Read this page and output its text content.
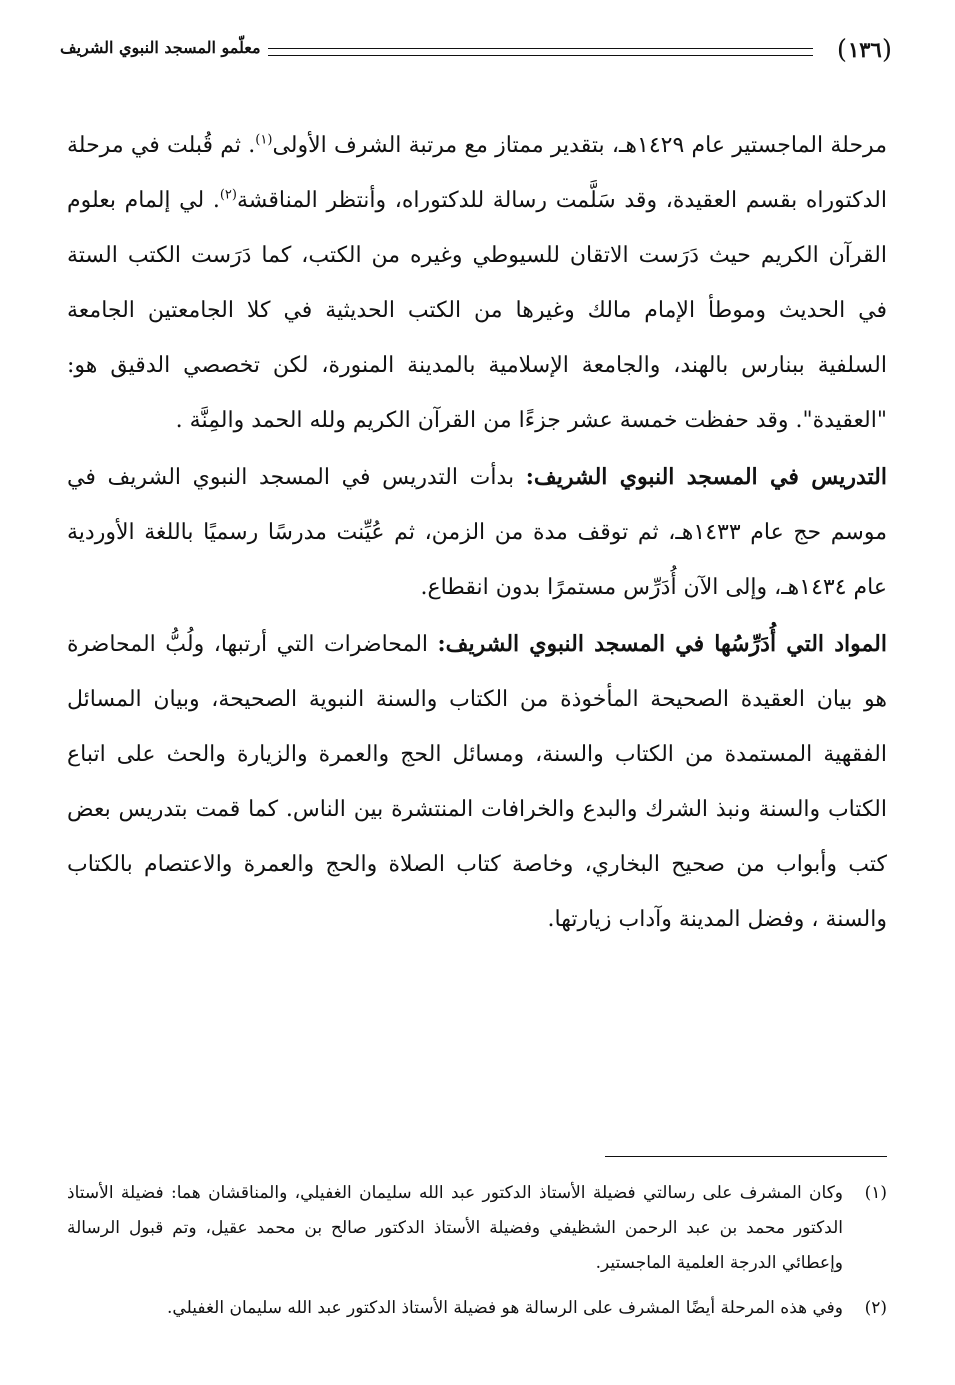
(١٣٦)
معلّمو المسجد النبوي الشريف

مرحلة الماجستير عام ١٤٢٩هـ، بتقدير ممتاز مع مرتبة الشرف الأولى$^{(١)}$. ثم قُبلت في مرحلة الدكتوراه بقسم العقيدة، وقد سَلَّمت رسالة للدكتوراه، وأنتظر المناقشة$^{(٢)}$. لي إلمام بعلوم القرآن الكريم حيث دَرَست الاتقان للسيوطي وغيره من الكتب، كما دَرَست الكتب الستة في الحديث وموطأ الإمام مالك وغيرها من الكتب الحديثية في كلا الجامعتين الجامعة السلفية ببنارس بالهند، والجامعة الإسلامية بالمدينة المنورة، لكن تخصصي الدقيق هو: "العقيدة". وقد حفظت خمسة عشر جزءًا من القرآن الكريم ولله الحمد والمِنَّة .

التدريس في المسجد النبوي الشريف: بدأت التدريس في المسجد النبوي الشريف في موسم حج عام ١٤٣٣هـ، ثم توقف مدة من الزمن، ثم عُيِّنت مدرسًا رسميًا باللغة الأوردية عام ١٤٣٤هـ، وإلى الآن أُدَرِّس مستمرًا بدون انقطاع.

المواد التي أُدَرِّسُها في المسجد النبوي الشريف: المحاضرات التي أرتبها، ولُبُّ المحاضرة هو بيان العقيدة الصحيحة المأخوذة من الكتاب والسنة النبوية الصحيحة، وبيان المسائل الفقهية المستمدة من الكتاب والسنة، ومسائل الحج والعمرة والزيارة والحث على اتباع الكتاب والسنة ونبذ الشرك والبدع والخرافات المنتشرة بين الناس. كما قمت بتدريس بعض كتب وأبواب من صحيح البخاري، وخاصة كتاب الصلاة والحج والعمرة والاعتصام بالكتاب والسنة ، وفضل المدينة وآداب زيارتها.

(١)
وكان المشرف على رسالتي فضيلة الأستاذ الدكتور عبد الله سليمان الغفيلي، والمناقشان هما: فضيلة الأستاذ الدكتور محمد بن عبد الرحمن الشظيفي وفضيلة الأستاذ الدكتور صالح بن محمد عقيل، وتم قبول الرسالة وإعطائي الدرجة العلمية الماجستير.
(٢)
وفي هذه المرحلة أيضًا المشرف على الرسالة هو فضيلة الأستاذ الدكتور عبد الله سليمان الغفيلي.
